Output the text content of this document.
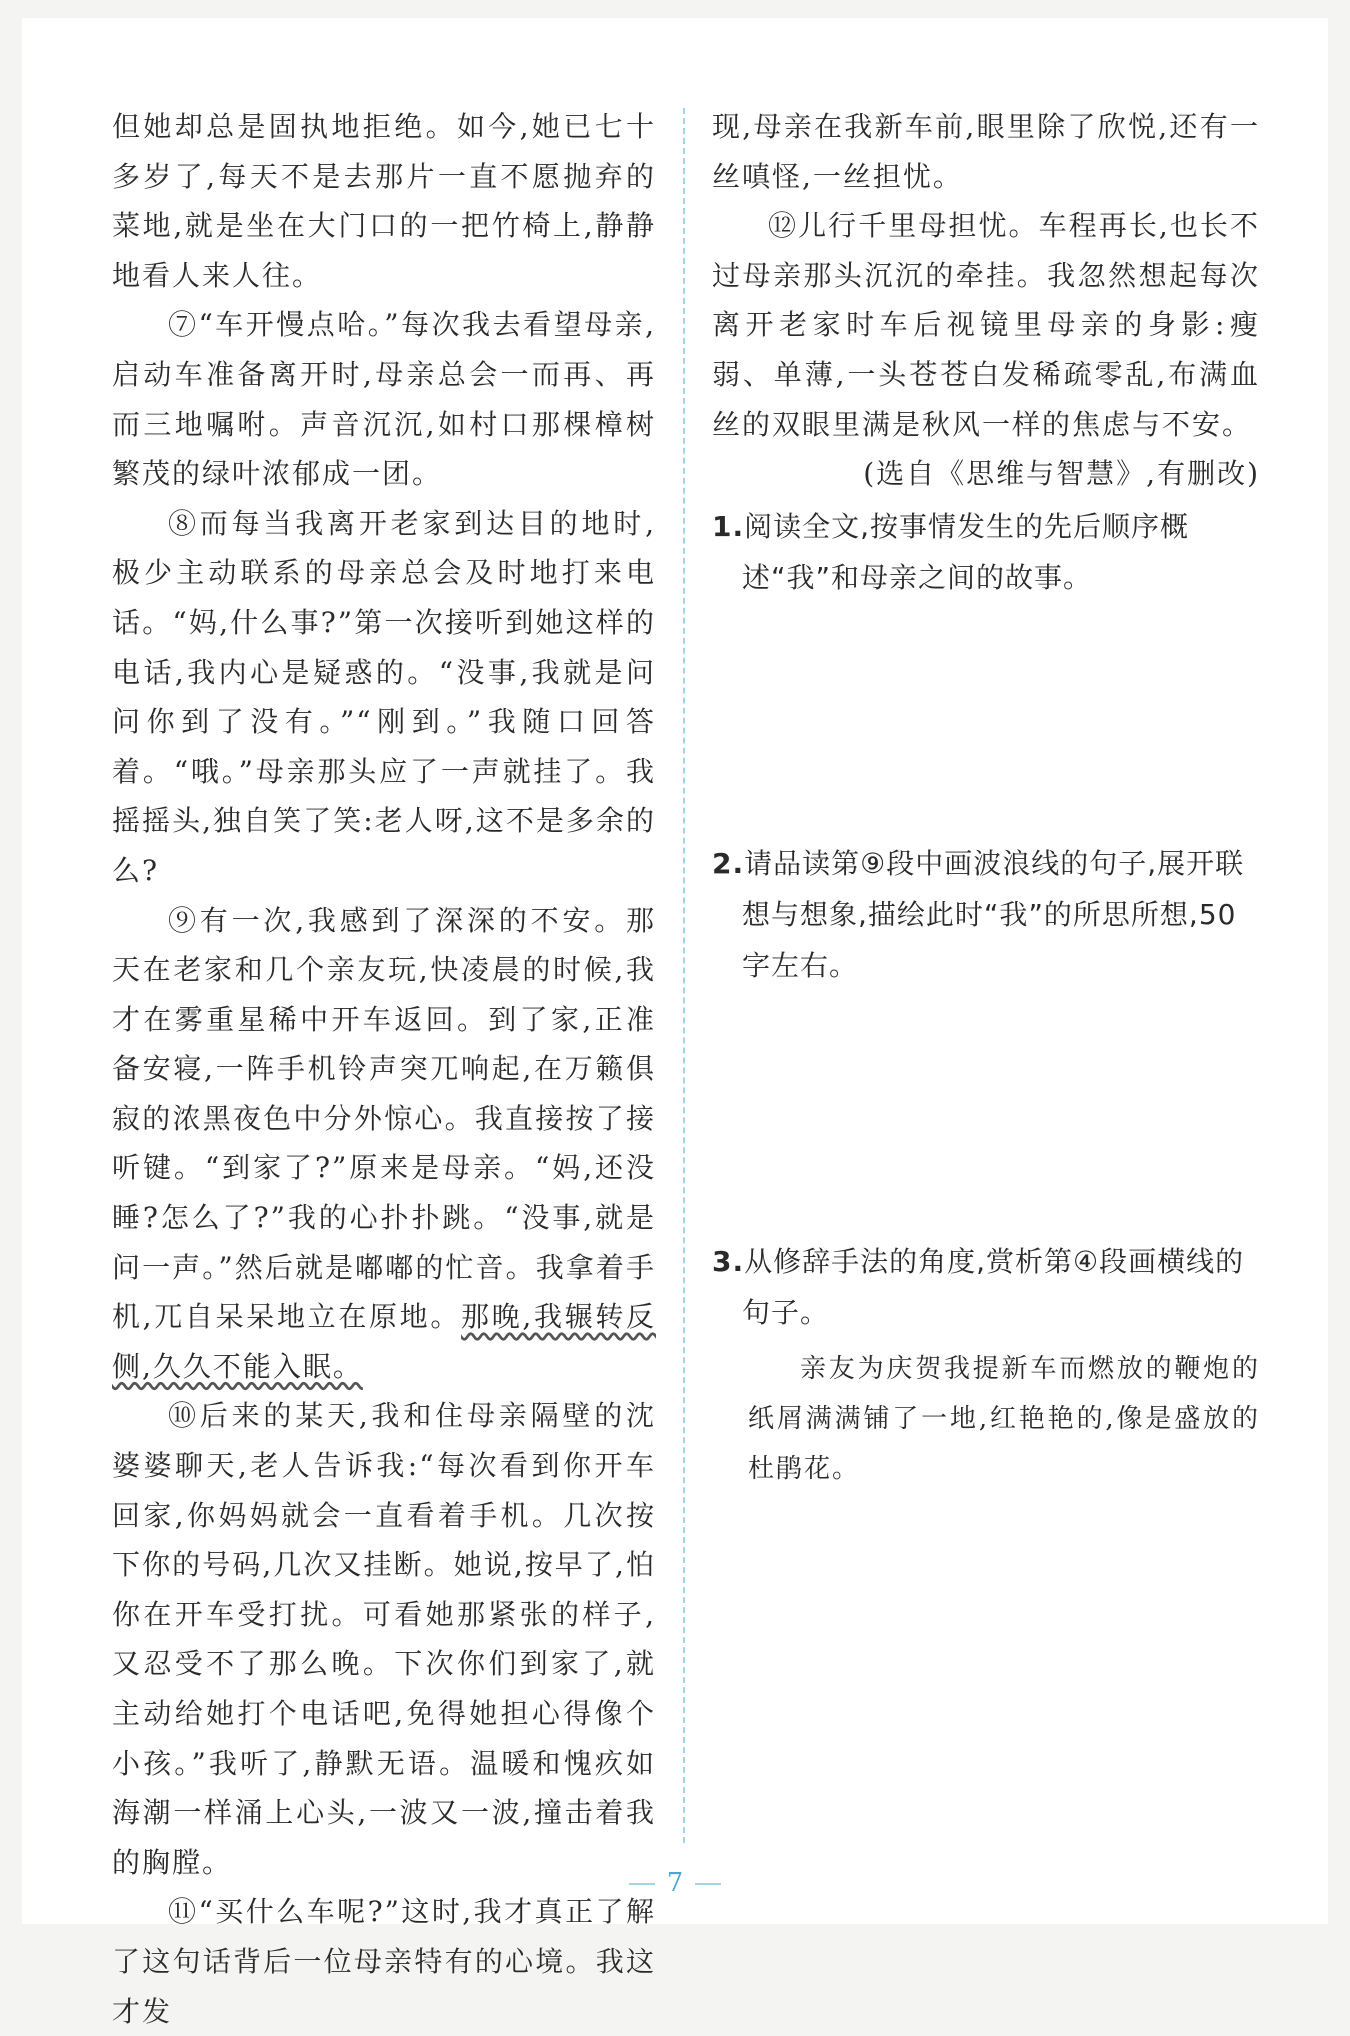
但她却总是固执地拒绝。如今,她已七十多岁了,每天不是去那片一直不愿抛弃的菜地,就是坐在大门口的一把竹椅上,静静地看人来人往。

⑦“车开慢点哈。”每次我去看望母亲,启动车准备离开时,母亲总会一而再、再而三地嘱咐。声音沉沉,如村口那棵樟树繁茂的绿叶浓郁成一团。

⑧而每当我离开老家到达目的地时,极少主动联系的母亲总会及时地打来电话。“妈,什么事?”第一次接听到她这样的电话,我内心是疑惑的。“没事,我就是问问你到了没有。”“刚到。”我随口回答着。“哦。”母亲那头应了一声就挂了。我摇摇头,独自笑了笑:老人呀,这不是多余的么?

⑨有一次,我感到了深深的不安。那天在老家和几个亲友玩,快凌晨的时候,我才在雾重星稀中开车返回。到了家,正准备安寝,一阵手机铃声突兀响起,在万籁俱寂的浓黑夜色中分外惊心。我直接按了接听键。“到家了?”原来是母亲。“妈,还没睡?怎么了?”我的心扑扑跳。“没事,就是问一声。”然后就是嘟嘟的忙音。我拿着手机,兀自呆呆地立在原地。那晚,我辗转反侧,久久不能入眠。

⑩后来的某天,我和住母亲隔壁的沈婆婆聊天,老人告诉我:“每次看到你开车回家,你妈妈就会一直看着手机。几次按下你的号码,几次又挂断。她说,按早了,怕你在开车受打扰。可看她那紧张的样子,又忍受不了那么晚。下次你们到家了,就主动给她打个电话吧,免得她担心得像个小孩。”我听了,静默无语。温暖和愧疚如海潮一样涌上心头,一波又一波,撞击着我的胸膛。

⑪“买什么车呢?”这时,我才真正了解了这句话背后一位母亲特有的心境。我这才发

现,母亲在我新车前,眼里除了欣悦,还有一丝嗔怪,一丝担忧。

⑫儿行千里母担忧。车程再长,也长不过母亲那头沉沉的牵挂。我忽然想起每次离开老家时车后视镜里母亲的身影:瘦弱、单薄,一头苍苍白发稀疏零乱,布满血丝的双眼里满是秋风一样的焦虑与不安。

(选自《思维与智慧》,有删改)

1.阅读全文,按事情发生的先后顺序概述“我”和母亲之间的故事。
2.请品读第⑨段中画波浪线的句子,展开联想与想象,描绘此时“我”的所思所想,50字左右。
3.从修辞手法的角度,赏析第④段画横线的句子。

亲友为庆贺我提新车而燃放的鞭炮的纸屑满满铺了一地,红艳艳的,像是盛放的杜鹃花。

7
